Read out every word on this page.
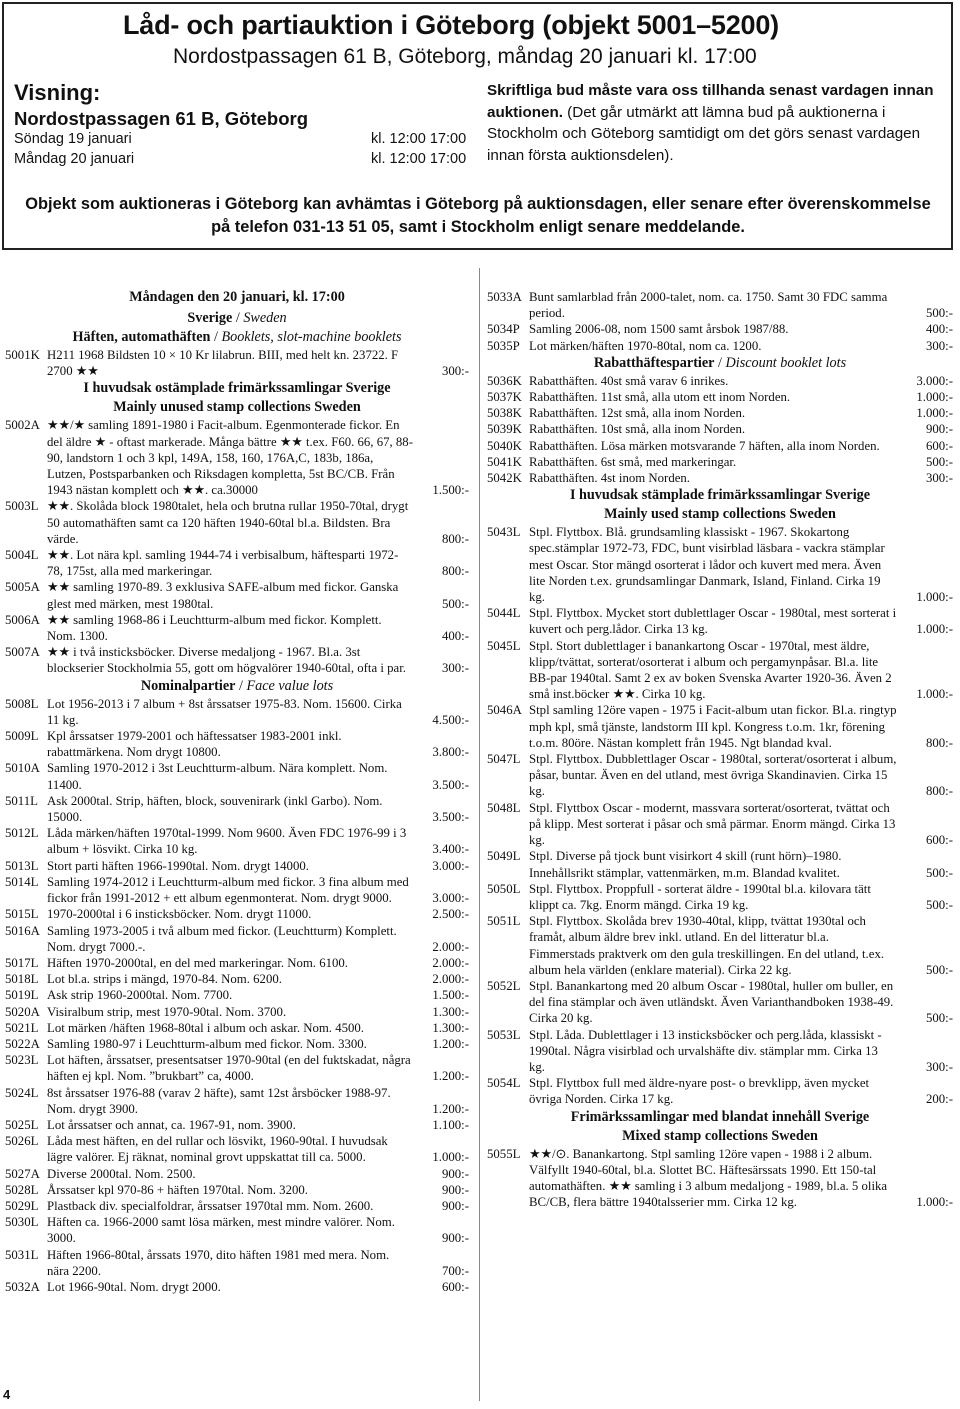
Låd- och partiauktion i Göteborg (objekt 5001–5200)
Nordostpassagen 61 B, Göteborg, måndag 20 januari kl. 17:00
Visning:
Nordostpassagen 61 B, Göteborg
Söndag 19 januari	kl. 12:00 17:00
Måndag 20 januari	kl. 12:00 17:00
Skriftliga bud måste vara oss tillhanda senast vardagen innan auktionen. (Det går utmärkt att lämna bud på auktionerna i Stockholm och Göteborg samtidigt om det görs senast vardagen innan första auktionsdelen).
Objekt som auktioneras i Göteborg kan avhämtas i Göteborg på auktionsdagen, eller senare efter överenskommelse på telefon 031-13 51 05, samt i Stockholm enligt senare meddelande.
Måndagen den 20 januari, kl. 17:00
Sverige / Sweden
Häften, automathäften / Booklets, slot-machine booklets
5001K H211 1968 Bildsten 10 × 10 Kr lilabrun. BIII, med helt kn. 23722. F 2700 ★★	300:-
I huvudsak ostämplade frimärkssamlingar Sverige
Mainly unused stamp collections Sweden
5002A ★★/★ samling 1891-1980 i Facit-album. Egenmonterade fickor. En del äldre ★ - oftast markerade. Många bättre ★★ t.ex. F60. 66, 67, 88-90, landstorn 1 och 3 kpl, 149A, 158, 160, 176A,C, 183b, 186a, Lutzen, Postsparbanken och Riksdagen kompletta, 5st BC/CB. Från 1943 nästan komplett och ★★. ca.30000	1.500:-
5003L ★★. Skolåda block 1980talet, hela och brutna rullar 1950-70tal, drygt 50 automathäften samt ca 120 häften 1940-60tal bl.a. Bildsten. Bra värde.	800:-
5004L ★★. Lot nära kpl. samling 1944-74 i verbisalbum, häftesparti 1972-78, 175st, alla med markeringar.	800:-
5005A ★★ samling 1970-89. 3 exklusiva SAFE-album med fickor. Ganska glest med märken, mest 1980tal.	500:-
5006A ★★ samling 1968-86 i Leuchtturm-album med fickor. Komplett. Nom. 1300.	400:-
5007A ★★ i två insticksböcker. Diverse medaljong - 1967. Bl.a. 3st blockserier Stockholmia 55, gott om högvalörer 1940-60tal, ofta i par.	300:-
Nominalpartier / Face value lots
5008L Lot 1956-2013 i 7 album + 8st årssatser 1975-83. Nom. 15600. Cirka 11 kg.	4.500:-
5009L Kpl årssatser 1979-2001 och häftessatser 1983-2001 inkl. rabattmärkena. Nom drygt 10800.	3.800:-
5010A Samling 1970-2012 i 3st Leuchtturm-album. Nära komplett. Nom. 11400.	3.500:-
5011L Ask 2000tal. Strip, häften, block, souvenirark (inkl Garbo). Nom. 15000.	3.500:-
5012L Låda märken/häften 1970tal-1999. Nom 9600. Även FDC 1976-99 i 3 album + lösvikt. Cirka 10 kg.	3.400:-
5013L Stort parti häften 1966-1990tal. Nom. drygt 14000.	3.000:-
5014L Samling 1974-2012 i Leuchtturm-album med fickor. 3 fina album med fickor från 1991-2012 + ett album egenmonterat. Nom. drygt 9000.	3.000:-
5015L 1970-2000tal i 6 insticksböcker. Nom. drygt 11000.	2.500:-
5016A Samling 1973-2005 i två album med fickor. (Leuchtturm) Komplett. Nom. drygt 7000.-.	2.000:-
5017L Häften 1970-2000tal, en del med markeringar. Nom. 6100.	2.000:-
5018L Lot bl.a. strips i mängd, 1970-84. Nom. 6200.	2.000:-
5019L Ask strip 1960-2000tal. Nom. 7700.	1.500:-
5020A Visiralbum strip, mest 1970-90tal. Nom. 3700.	1.300:-
5021L Lot märken /häften 1968-80tal i album och askar. Nom. 4500.	1.300:-
5022A Samling 1980-97 i Leuchtturm-album med fickor. Nom. 3300.	1.200:-
5023L Lot häften, årssatser, presentsatser 1970-90tal (en del fuktskadat, några häften ej kpl. Nom. ”brukbart” ca, 4000.	1.200:-
5024L 8st årssatser 1976-88 (varav 2 häfte), samt 12st årsböcker 1988-97. Nom. drygt 3900.	1.200:-
5025L Lot årssatser och annat, ca. 1967-91, nom. 3900.	1.100:-
5026L Låda mest häften, en del rullar och lösvikt, 1960-90tal. I huvudsak lägre valörer. Ej räknat, nominal grovt uppskattat till ca. 5000.	1.000:-
5027A Diverse 2000tal. Nom. 2500.	900:-
5028L Årssatser kpl 970-86 + häften 1970tal. Nom. 3200.	900:-
5029L Plastback div. specialfoldrar, årssatser 1970tal mm. Nom. 2600.	900:-
5030L Häften ca. 1966-2000 samt lösa märken, mest mindre valörer. Nom. 3000.	900:-
5031L Häften 1966-80tal, årssats 1970, dito häften 1981 med mera. Nom. nära 2200.	700:-
5032A Lot 1966-90tal. Nom. drygt 2000.	600:-
5033A Bunt samlarblad från 2000-talet, nom. ca. 1750. Samt 30 FDC samma period.	500:-
5034P Samling 2006-08, nom 1500 samt årsbok 1987/88.	400:-
5035P Lot märken/häften 1970-80tal, nom ca. 1200.	300:-
Rabatthäftespartier / Discount booklet lots
5036K Rabatthäften. 40st små varav 6 inrikes.	3.000:-
5037K Rabatthäften. 11st små, alla utom ett inom Norden.	1.000:-
5038K Rabatthäften. 12st små, alla inom Norden.	1.000:-
5039K Rabatthäften. 10st små, alla inom Norden.	900:-
5040K Rabatthäften. Lösa märken motsvarande 7 häften, alla inom Norden.	600:-
5041K Rabatthäften. 6st små, med markeringar.	500:-
5042K Rabatthäften. 4st inom Norden.	300:-
I huvudsak stämplade frimärkssamlingar Sverige
Mainly used stamp collections Sweden
5043L Stpl. Flyttbox. Blå. grundsamling klassiskt - 1967. Skokartong spec.stämplar 1972-73, FDC, bunt visirblad läsbara - vackra stämplar mest Oscar. Stor mängd osorterat i lådor och kuvert med mera. Även lite Norden t.ex. grundsamlingar Danmark, Island, Finland. Cirka 19 kg.	1.000:-
5044L Stpl. Flyttbox. Mycket stort dublettlager Oscar - 1980tal, mest sorterat i kuvert och perg.lådor. Cirka 13 kg.	1.000:-
5045L Stpl. Stort dublettlager i banankartong Oscar - 1970tal, mest äldre, klipp/tvättat, sorterat/osorterat i album och pergamynpåsar. Bl.a. lite BB-par 1940tal. Samt 2 ex av boken Svenska Avarter 1920-36. Även 2 små inst.böcker ★★. Cirka 10 kg.	1.000:-
5046A Stpl samling 12öre vapen - 1975 i Facit-album utan fickor. Bl.a. ringtyp mph kpl, små tjänste, landstorm III kpl. Kongress t.o.m. 1kr, förening t.o.m. 80öre. Nästan komplett från 1945. Ngt blandad kval.	800:-
5047L Stpl. Flyttbox. Dubblettlager Oscar - 1980tal, sorterat/osorterat i album, påsar, buntar. Även en del utland, mest övriga Skandinavien. Cirka 15 kg.	800:-
5048L Stpl. Flyttbox Oscar - modernt, massvara sorterat/osorterat, tvättat och på klipp. Mest sorterat i påsar och små pärmar. Enorm mängd. Cirka 13 kg.	600:-
5049L Stpl. Diverse på tjock bunt visirkort 4 skill (runt hörn)–1980. Innehållsrikt stämplar, vattenmärken, m.m. Blandad kvalitet.	500:-
5050L Stpl. Flyttbox. Proppfull - sorterat äldre - 1990tal bl.a. kilovara tätt klippt ca. 7kg. Enorm mängd. Cirka 19 kg.	500:-
5051L Stpl. Flyttbox. Skolåda brev 1930-40tal, klipp, tvättat 1930tal och framåt, album äldre brev inkl. utland. En del litteratur bl.a. Fimmerstads praktverk om den gula treskillingen. En del utland, t.ex. album hela världen (enklare material). Cirka 22 kg.	500:-
5052L Stpl. Banankartong med 20 album Oscar - 1980tal, huller om buller, en del fina stämplar och även utländskt. Även Varianthandboken 1938-49. Cirka 20 kg.	500:-
5053L Stpl. Låda. Dublettlager i 13 insticksböcker och perg.låda, klassiskt - 1990tal. Några visirblad och urvalshäfte div. stämplar mm. Cirka 13 kg.	300:-
5054L Stpl. Flyttbox full med äldre-nyare post- o brevklipp, även mycket övriga Norden. Cirka 17 kg.	200:-
Frimärkssamlingar med blandat innehåll Sverige
Mixed stamp collections Sweden
5055L ★★/⊙. Banankartong. Stpl samling 12öre vapen - 1988 i 2 album. Välfyllt 1940-60tal, bl.a. Slottet BC. Häftesärssats 1990. Ett 150-tal automathäften. ★★ samling i 3 album medaljong - 1989, bl.a. 5 olika BC/CB, flera bättre 1940talsserier mm. Cirka 12 kg.	1.000:-
4
